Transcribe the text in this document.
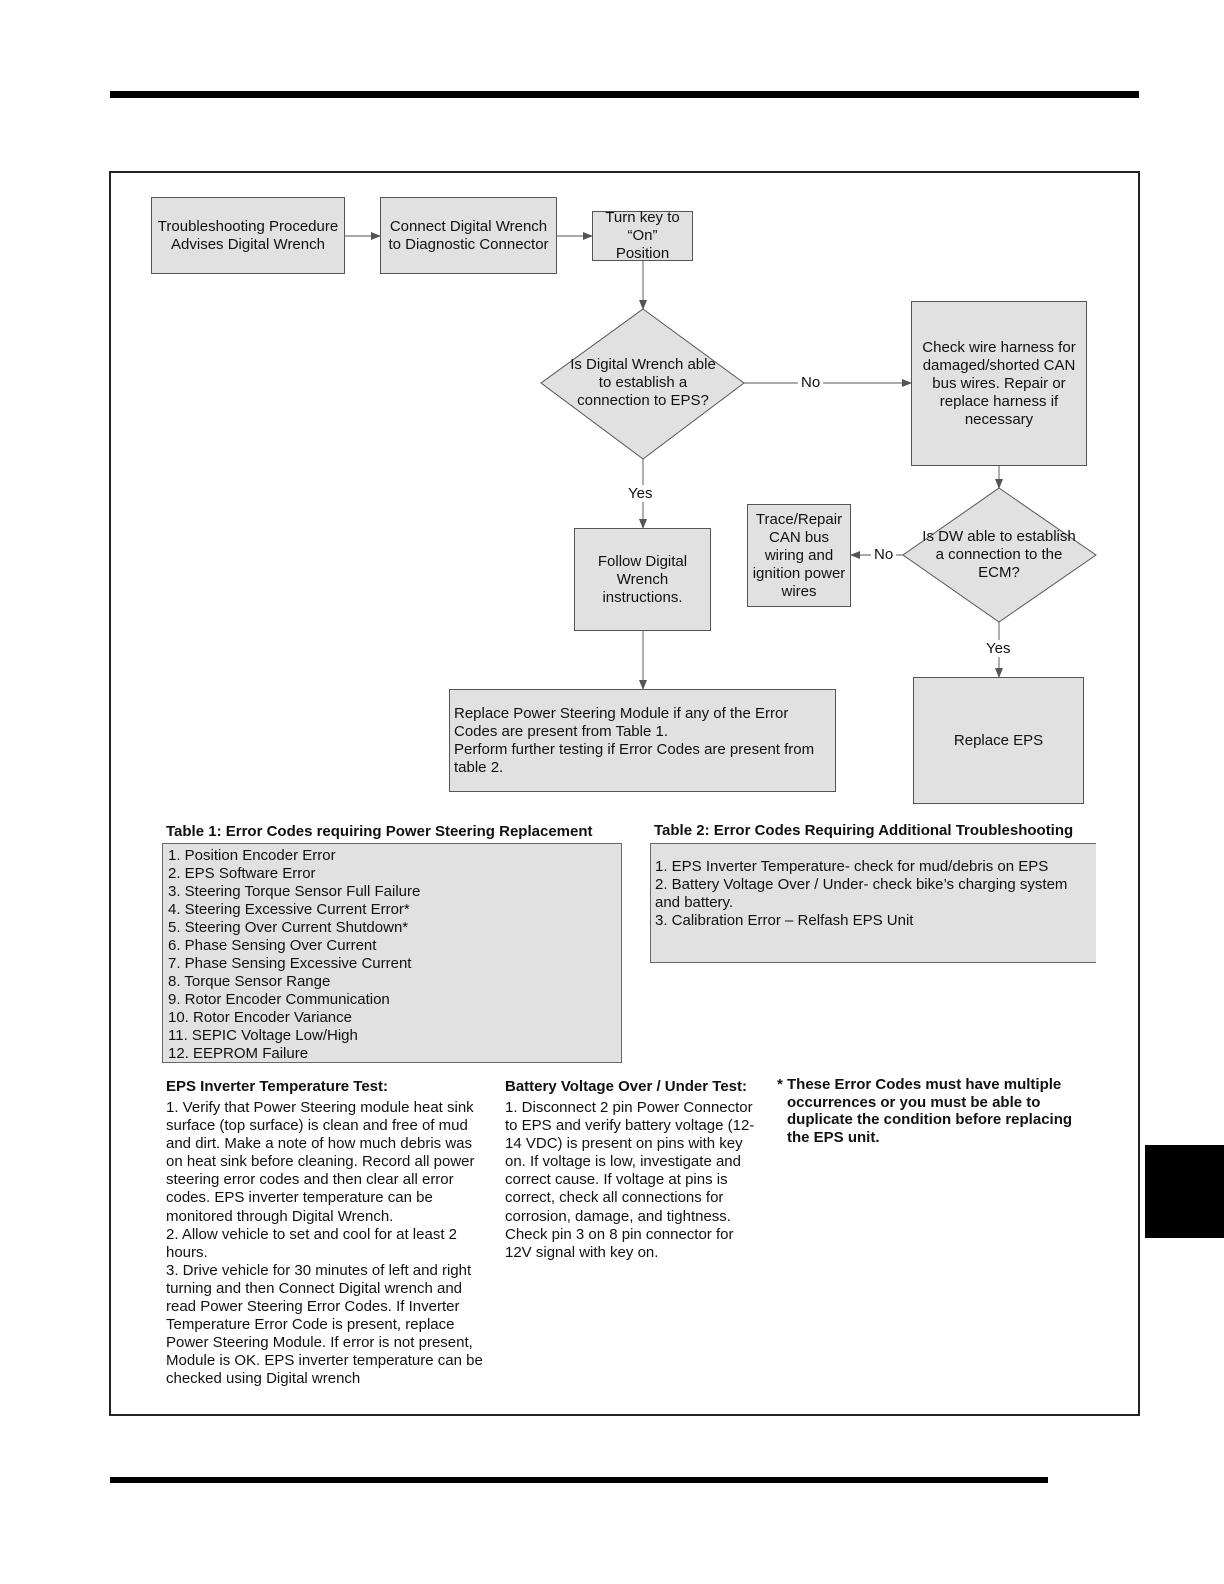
Troubleshooting Procedure Advises Digital Wrench
Connect Digital Wrench to Diagnostic Connector
Turn key to “On” Position
Is Digital Wrench able to establish a connection to EPS?
No
Check wire harness for damaged/shorted CAN bus wires. Repair or replace harness if necessary
Yes
Follow Digital Wrench instructions.
Trace/Repair CAN bus wiring and ignition power wires
No
Is DW able to establish a connection to the ECM?
Yes
Replace Power Steering Module if any of the Error Codes are present from Table 1.
Perform further testing if Error Codes are present from table 2.
Replace EPS
Table 1: Error Codes requiring Power Steering Replacement
1. Position Encoder Error
2. EPS Software Error
3. Steering Torque Sensor Full Failure
4. Steering Excessive Current Error*
5. Steering Over Current Shutdown*
6. Phase Sensing Over Current
7. Phase Sensing Excessive Current
8. Torque Sensor Range
9. Rotor Encoder Communication
10. Rotor Encoder Variance
11. SEPIC Voltage Low/High
12. EEPROM Failure
Table 2: Error Codes Requiring Additional Troubleshooting
1. EPS Inverter Temperature- check for mud/debris on EPS
2. Battery Voltage Over / Under- check bike’s charging system and battery.
3. Calibration Error – Relfash EPS Unit
EPS Inverter Temperature Test:
1. Verify that Power Steering module heat sink surface (top surface) is clean and free of mud and dirt. Make a note of how much debris was on heat sink before cleaning. Record all power steering error codes and then clear all error codes. EPS inverter temperature can be monitored through Digital Wrench.
2. Allow vehicle to set and cool for at least 2 hours.
3. Drive vehicle for 30 minutes of left and right turning and then Connect Digital wrench and read Power Steering Error Codes. If Inverter Temperature Error Code is present, replace Power Steering Module. If error is not present, Module is OK. EPS inverter temperature can be checked using Digital wrench
Battery Voltage Over / Under Test:
1. Disconnect 2 pin Power Connector to EPS and verify battery voltage (12-14 VDC) is present on pins with key on. If voltage is low, investigate and correct cause. If voltage at pins is correct, check all connections for corrosion, damage, and tightness. Check pin 3 on 8 pin connector for 12V signal with key on.
* These Error Codes must have multiple occurrences or you must be able to duplicate the condition before replacing the EPS unit.
